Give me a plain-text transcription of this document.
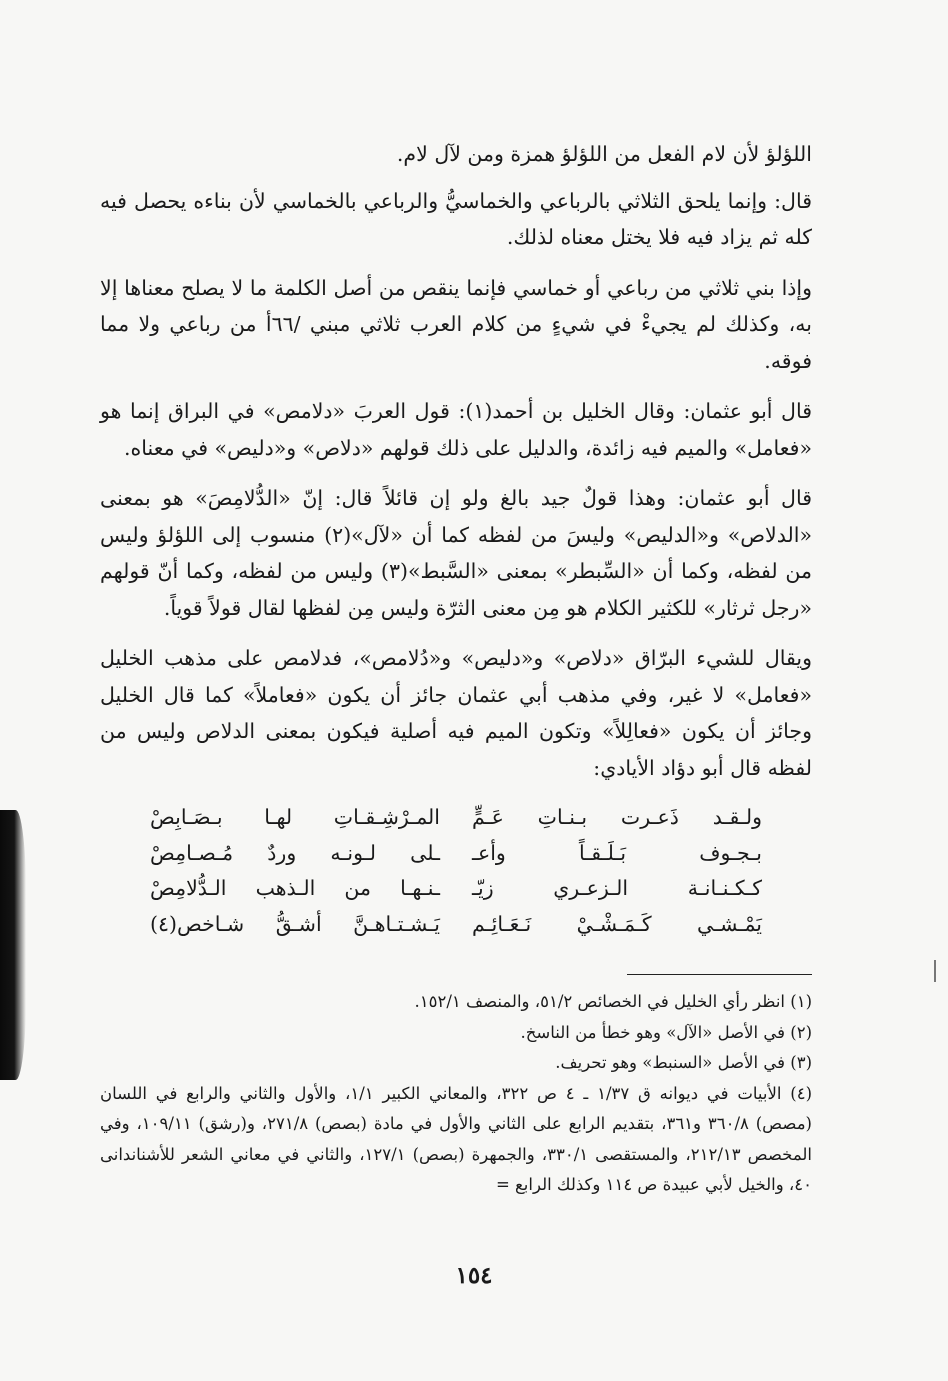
اللؤلؤ لأن لام الفعل من اللؤلؤ همزة ومن لآل لام.

قال: وإنما يلحق الثلاثي بالرباعي والخماسيُّ والرباعي بالخماسي لأن بناءه يحصل فيه كله ثم يزاد فيه فلا يختل معناه لذلك.

وإذا بني ثلاثي من رباعي أو خماسي فإنما ينقص من أصل الكلمة ما لا يصلح معناها إلا به، وكذلك لم يجيءْ في شيءٍ من كلام العرب ثلاثي مبني /٦٦أ من رباعي ولا مما فوقه.

قال أبو عثمان: وقال الخليل بن أحمد(١): قول العربَ «دلامص» في البراق إنما هو «فعامل» والميم فيه زائدة، والدليل على ذلك قولهم «دلاص» و«دليص» في معناه.

قال أبو عثمان: وهذا قولٌ جيد بالغ ولو إن قائلاً قال: إنّ «الدُّلامِصَ» هو بمعنى «الدلاص» و«الدليص» وليسَ من لفظه كما أن «لآل»(٢) منسوب إلى اللؤلؤ وليس من لفظه، وكما أن «السِّبطر» بمعنى «السَّبط»(٣) وليس من لفظه، وكما أنّ قولهم «رجل ثرثار» للكثير الكلام هو مِن معنى الثرّة وليس مِن لفظها لقال قولاً قوياً.

ويقال للشيء البرّاق «دلاص» و«دليص» و«دُلامص»، فدلامص على مذهب الخليل «فعامل» لا غير، وفي مذهب أبي عثمان جائز أن يكون «فعاملاً» كما قال الخليل وجائز أن يكون «فعالِلاً» وتكون الميم فيه أصلية فيكون بمعنى الدلاص وليس من لفظه قال أبو دؤاد الأيادي:

ولـقـد ذَعـرت بـنـاتِ عَـمٍّ
المـرْشِـقـاتِ لهـا بـصَـابِصْ
بـجـوف بَـلَـقـاً وأعـ
ـلى لـونـه وردٌ مُـصـامِصْ
كـكـنـانـة الـزعـري زيّـ
ـنـهـا من الـذهب الـدُّلامِصْ
يَمْـشـي كَـمَـشْـيْ نَـعَـائِـم
يَـشـتـاهـنَّ أشـقُّ شـاخص(٤)

(١) انظر رأي الخليل في الخصائص ٥١/٢، والمنصف ١٥٢/١.

(٢) في الأصل «الآل» وهو خطأ من الناسخ.

(٣) في الأصل «السنبط» وهو تحريف.

(٤) الأبيات في ديوانه ق ١/٣٧ ـ ٤ ص ٣٢٢، والمعاني الكبير ١/١، والأول والثاني والرابع في اللسان (مصص) ٣٦٠/٨ و٣٦١، بتقديم الرابع على الثاني والأول في مادة (بصص) ٢٧١/٨، و(رشق) ١٠٩/١١، وفي المخصص ٢١٢/١٣، والمستقصى ٣٣٠/١، والجمهرة (بصص) ١٢٧/١، والثاني في معاني الشعر للأشناندانى ٤٠، والخيل لأبي عبيدة ص ١١٤ وكذلك الرابع =

١٥٤
